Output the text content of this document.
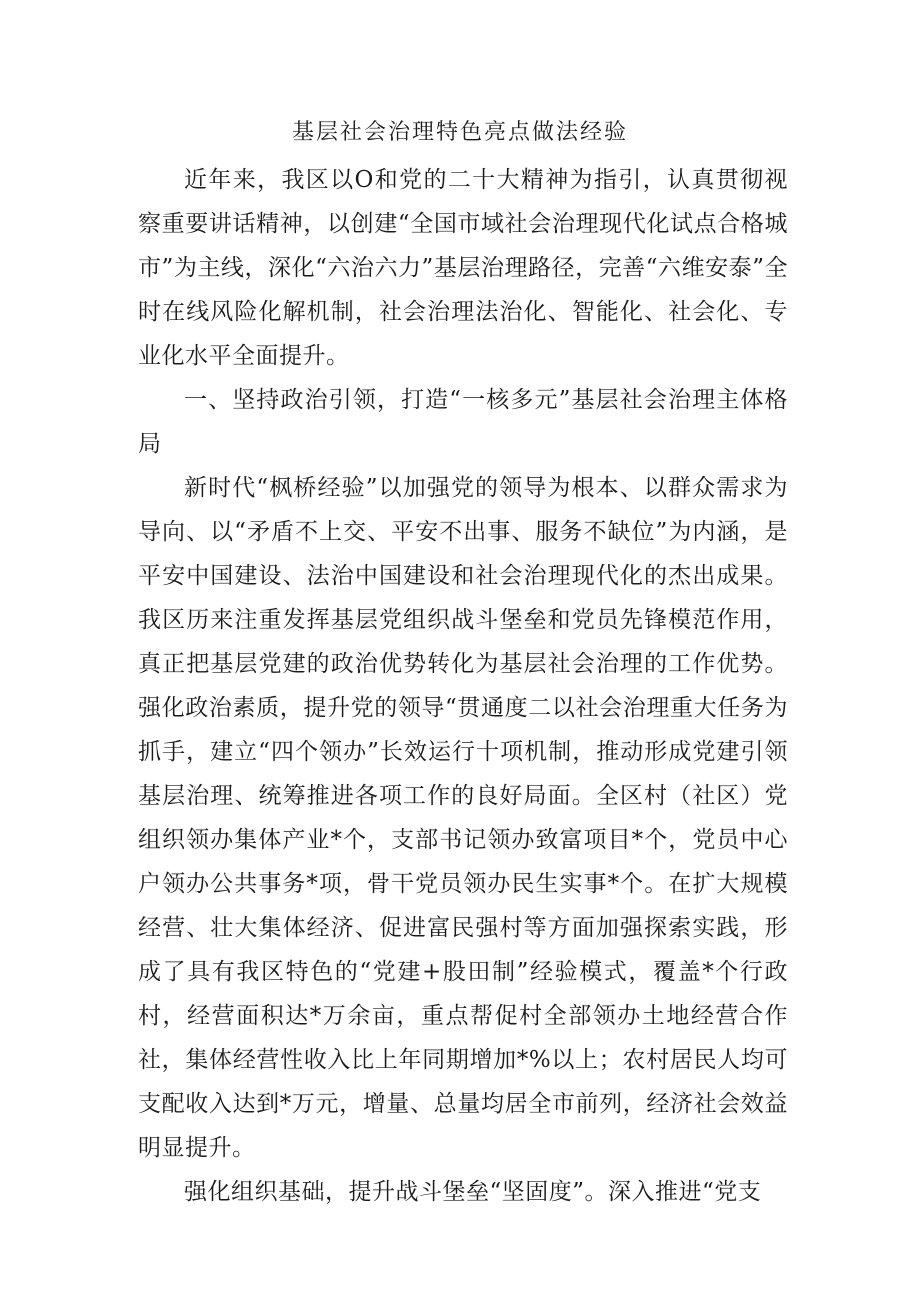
基层社会治理特色亮点做法经验

近年来，我区以O和党的二十大精神为指引，认真贯彻视察重要讲话精神，以创建“全国市域社会治理现代化试点合格城市”为主线，深化“六治六力”基层治理路径，完善“六维安泰”全时在线风险化解机制，社会治理法治化、智能化、社会化、专业化水平全面提升。

一、坚持政治引领，打造“一核多元”基层社会治理主体格局

新时代“枫桥经验”以加强党的领导为根本、以群众需求为导向、以“矛盾不上交、平安不出事、服务不缺位”为内涵，是平安中国建设、法治中国建设和社会治理现代化的杰出成果。我区历来注重发挥基层党组织战斗堡垒和党员先锋模范作用，真正把基层党建的政治优势转化为基层社会治理的工作优势。强化政治素质，提升党的领导“贯通度二以社会治理重大任务为抓手，建立“四个领办”长效运行十项机制，推动形成党建引领基层治理、统筹推进各项工作的良好局面。全区村（社区）党组织领办集体产业*个，支部书记领办致富项目*个，党员中心户领办公共事务*项，骨干党员领办民生实事*个。在扩大规模经营、壮大集体经济、促进富民强村等方面加强探索实践，形成了具有我区特色的“党建+股田制”经验模式，覆盖*个行政村，经营面积达*万余亩，重点帮促村全部领办土地经营合作社，集体经营性收入比上年同期增加*%以上；农村居民人均可支配收入达到*万元，增量、总量均居全市前列，经济社会效益明显提升。

强化组织基础，提升战斗堡垒“坚固度”。深入推进“党支
